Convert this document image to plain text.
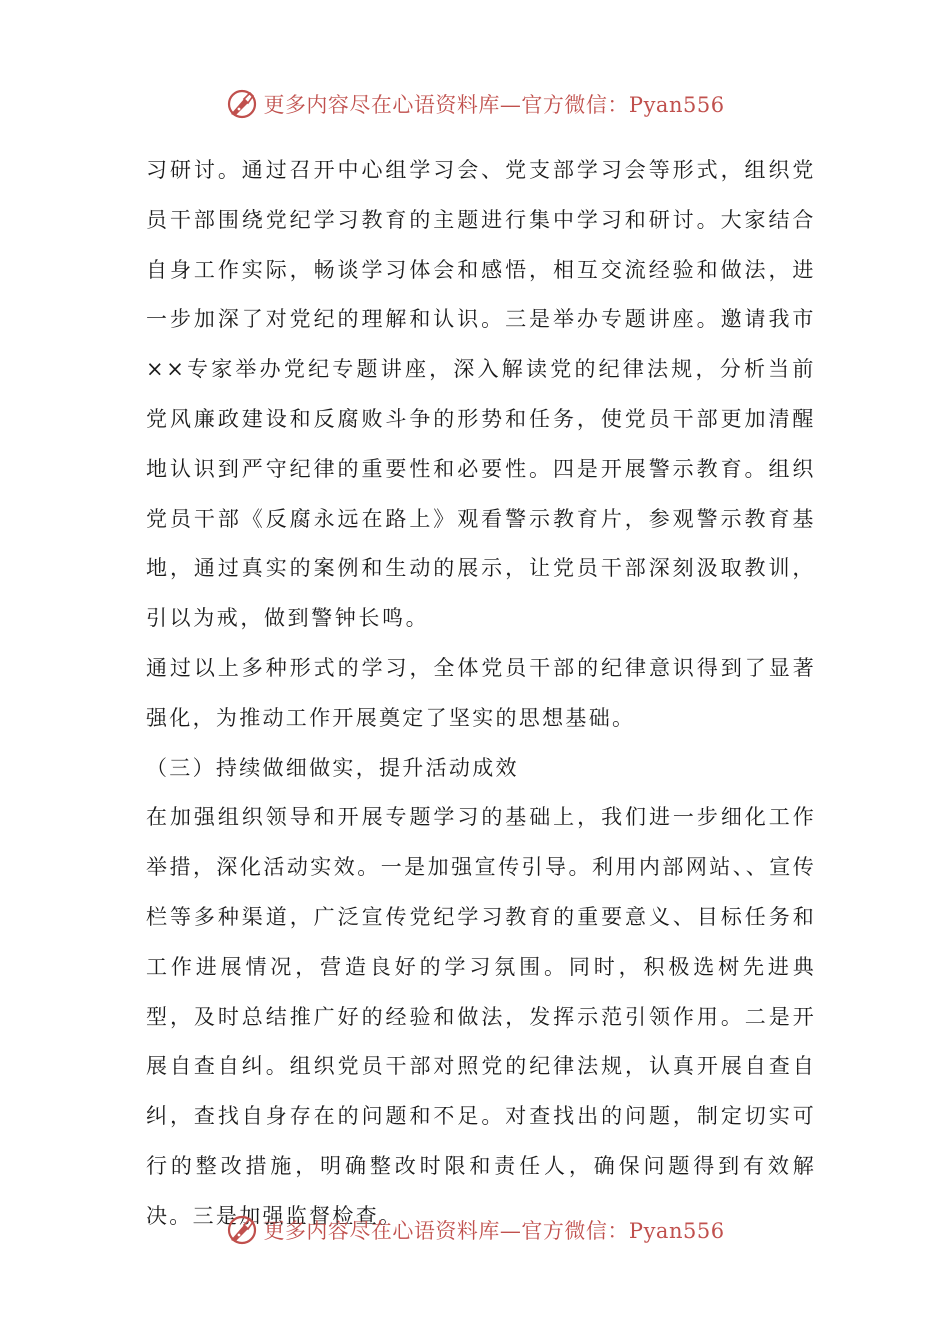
更多内容尽在心语资料库—官方微信：Pyan556

习研讨。通过召开中心组学习会、党支部学习会等形式，组织党员干部围绕党纪学习教育的主题进行集中学习和研讨。大家结合自身工作实际，畅谈学习体会和感悟，相互交流经验和做法，进一步加深了对党纪的理解和认识。三是举办专题讲座。邀请我市××专家举办党纪专题讲座，深入解读党的纪律法规，分析当前党风廉政建设和反腐败斗争的形势和任务，使党员干部更加清醒地认识到严守纪律的重要性和必要性。四是开展警示教育。组织党员干部《反腐永远在路上》观看警示教育片，参观警示教育基地，通过真实的案例和生动的展示，让党员干部深刻汲取教训，引以为戒，做到警钟长鸣。

通过以上多种形式的学习，全体党员干部的纪律意识得到了显著强化，为推动工作开展奠定了坚实的思想基础。

（三）持续做细做实，提升活动成效

在加强组织领导和开展专题学习的基础上，我们进一步细化工作举措，深化活动实效。一是加强宣传引导。利用内部网站、、宣传栏等多种渠道，广泛宣传党纪学习教育的重要意义、目标任务和工作进展情况，营造良好的学习氛围。同时，积极选树先进典型，及时总结推广好的经验和做法，发挥示范引领作用。二是开展自查自纠。组织党员干部对照党的纪律法规，认真开展自查自纠，查找自身存在的问题和不足。对查找出的问题，制定切实可行的整改措施，明确整改时限和责任人，确保问题得到有效解决。三是加强监督检查。

更多内容尽在心语资料库—官方微信：Pyan556
